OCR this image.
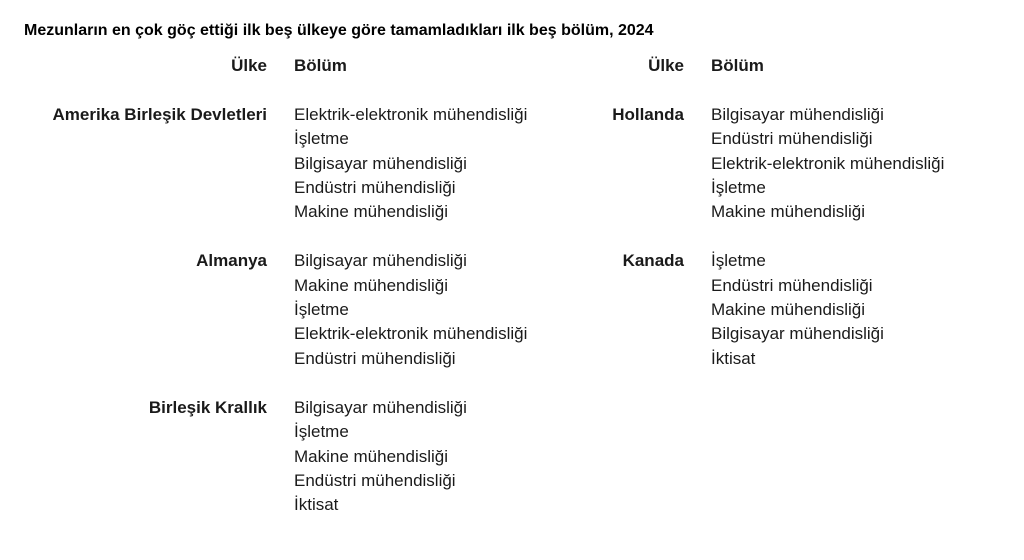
Mezunların en çok göç ettiği ilk beş ülkeye göre tamamladıkları ilk beş bölüm, 2024
Ülke	Bölüm
Amerika Birleşik Devletleri	Elektrik-elektronik mühendisliği
İşletme
Bilgisayar mühendisliği
Endüstri mühendisliği
Makine mühendisliği
Almanya	Bilgisayar mühendisliği
Makine mühendisliği
İşletme
Elektrik-elektronik mühendisliği
Endüstri mühendisliği
Birleşik Krallık	Bilgisayar mühendisliği
İşletme
Makine mühendisliği
Endüstri mühendisliği
İktisat
Ülke	Bölüm
Hollanda	Bilgisayar mühendisliği
Endüstri mühendisliği
Elektrik-elektronik mühendisliği
İşletme
Makine mühendisliği
Kanada	İşletme
Endüstri mühendisliği
Makine mühendisliği
Bilgisayar mühendisliği
İktisat
